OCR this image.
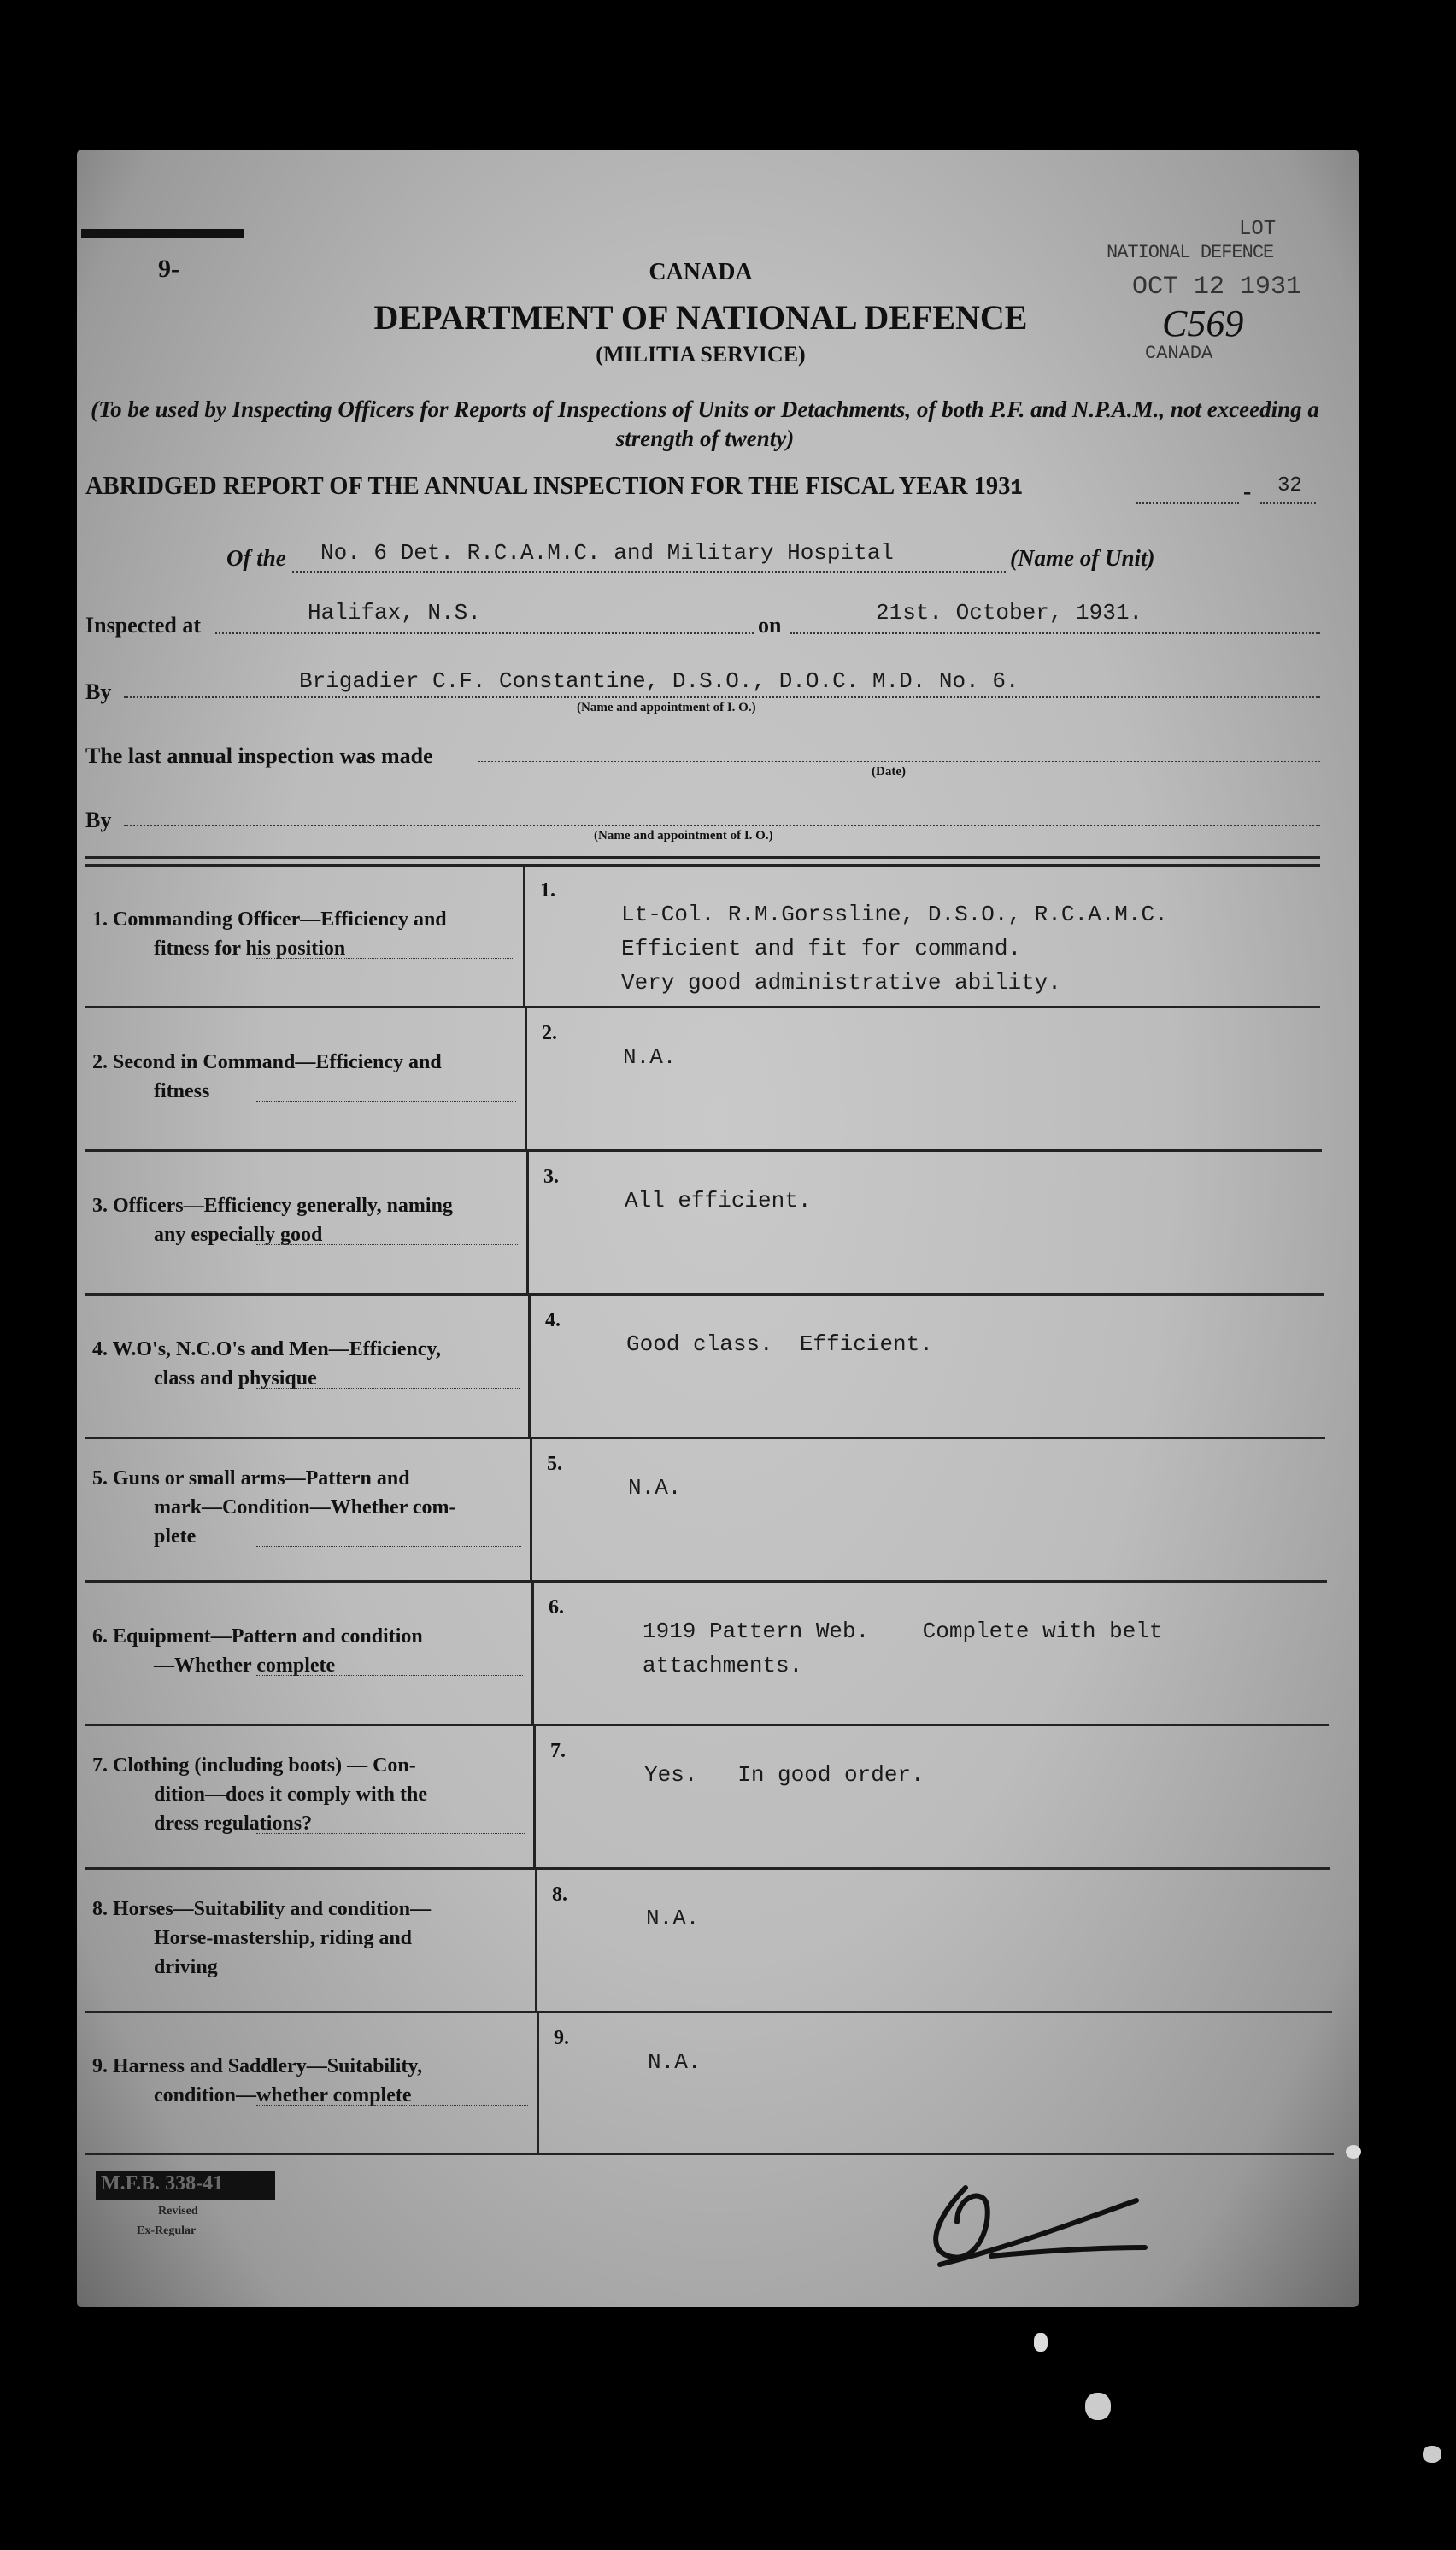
9-
LOT
NATIONAL DEFENCE
OCT 12 1931
C569
CANADA
CANADA
DEPARTMENT OF NATIONAL DEFENCE
(MILITIA SERVICE)
(To be used by Inspecting Officers for Reports of Inspections of Units or Detachments, of both P.F. and N.P.A.M., not exceeding a strength of twenty)
ABRIDGED REPORT OF THE ANNUAL INSPECTION FOR THE FISCAL YEAR 1931	- 32
Of the No. 6 Det. R.C.A.M.C. and Military Hospital	(Name of Unit)
Inspected at	Halifax, N.S.	on	21st. October, 1931.
By	Brigadier C.F. Constantine, D.S.O., D.O.C. M.D. No. 6.
(Name and appointment of I. O.)
The last annual inspection was made
(Date)
By
(Name and appointment of I. O.)
1. Commanding Officer—Efficiency and
fitness for his position
1.
Lt-Col. R.M.Gorssline, D.S.O., R.C.A.M.C.
Efficient and fit for command.
Very good administrative ability.
2. Second in Command—Efficiency and
fitness
2.
N.A.
3. Officers—Efficiency generally, naming
any especially good
3.
All efficient.
4. W.O's, N.C.O's and Men—Efficiency,
class and physique
4.
Good class.  Efficient.
5. Guns or small arms—Pattern and
mark—Condition—Whether com-
plete
5.
N.A.
6. Equipment—Pattern and condition
—Whether complete
6.
1919 Pattern Web.    Complete with belt
attachments.
7. Clothing (including boots) — Con-
dition—does it comply with the
dress regulations?
7.
Yes.   In good order.
8. Horses—Suitability and condition—
Horse-mastership, riding and
driving
8.
N.A.
9. Harness and Saddlery—Suitability,
condition—whether complete
9.
N.A.
M.F.B. 338-41
Revised
Ex-Regular
